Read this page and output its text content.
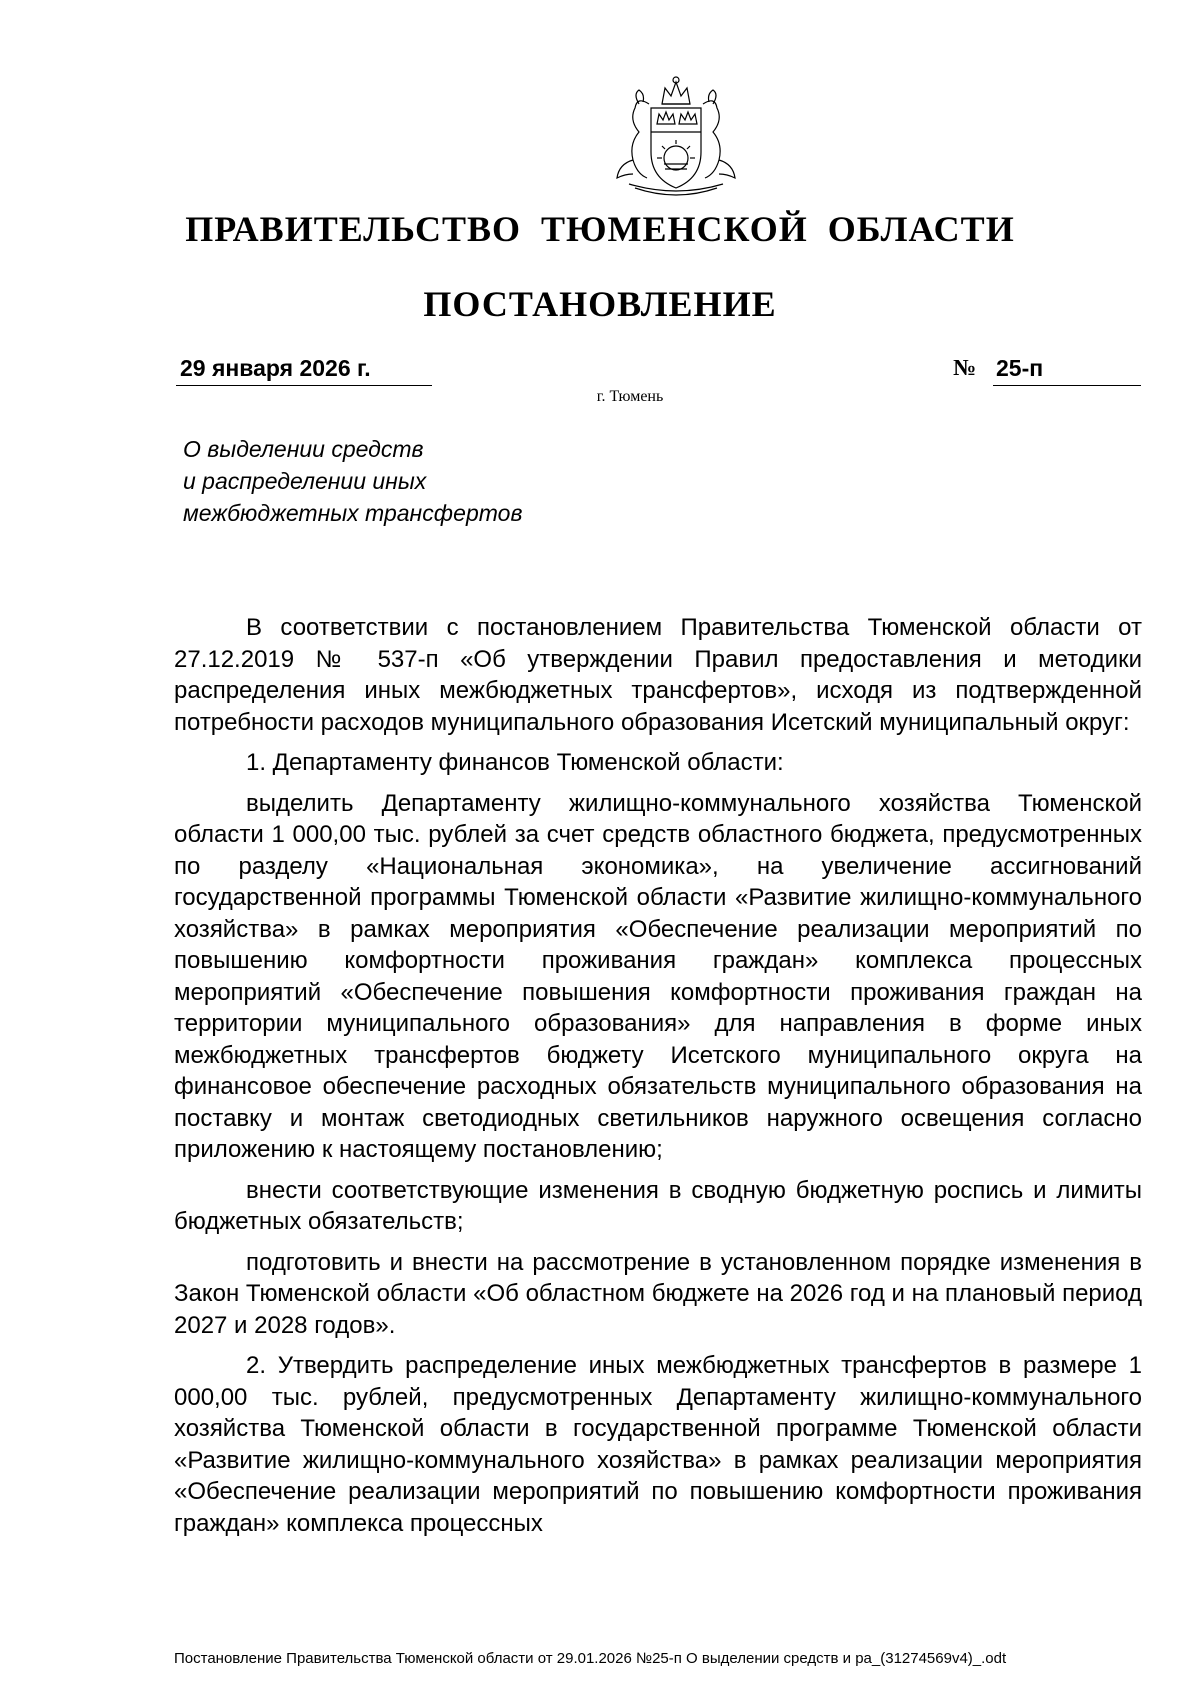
ПРАВИТЕЛЬСТВО ТЮМЕНСКОЙ ОБЛАСТИ
ПОСТАНОВЛЕНИЕ
29 января 2026 г.	№ 25-п
г. Тюмень
О выделении средств
и распределении иных
межбюджетных трансфертов

В соответствии с постановлением Правительства Тюменской области от 27.12.2019 № 537-п «Об утверждении Правил предоставления и методики распределения иных межбюджетных трансфертов», исходя из подтвержденной потребности расходов муниципального образования Исетский муниципальный округ:

1. Департаменту финансов Тюменской области:

выделить Департаменту жилищно-коммунального хозяйства Тюменской области 1 000,00 тыс. рублей за счет средств областного бюджета, предусмотренных по разделу «Национальная экономика», на увеличение ассигнований государственной программы Тюменской области «Развитие жилищно-коммунального хозяйства» в рамках мероприятия «Обеспечение реализации мероприятий по повышению комфортности проживания граждан» комплекса процессных мероприятий «Обеспечение повышения комфортности проживания граждан на территории муниципального образования» для направления в форме иных межбюджетных трансфертов бюджету Исетского муниципального округа на финансовое обеспечение расходных обязательств муниципального образования на поставку и монтаж светодиодных светильников наружного освещения согласно приложению к настоящему постановлению;

внести соответствующие изменения в сводную бюджетную роспись и лимиты бюджетных обязательств;

подготовить и внести на рассмотрение в установленном порядке изменения в Закон Тюменской области «Об областном бюджете на 2026 год и на плановый период 2027 и 2028 годов».

2. Утвердить распределение иных межбюджетных трансфертов в размере 1 000,00 тыс. рублей, предусмотренных Департаменту жилищно-коммунального хозяйства Тюменской области в государственной программе Тюменской области «Развитие жилищно-коммунального хозяйства» в рамках реализации мероприятия «Обеспечение реализации мероприятий по повышению комфортности проживания граждан» комплекса процессных

Постановление Правительства Тюменской области от 29.01.2026 №25-п О выделении средств и ра_(31274569v4)_.odt
